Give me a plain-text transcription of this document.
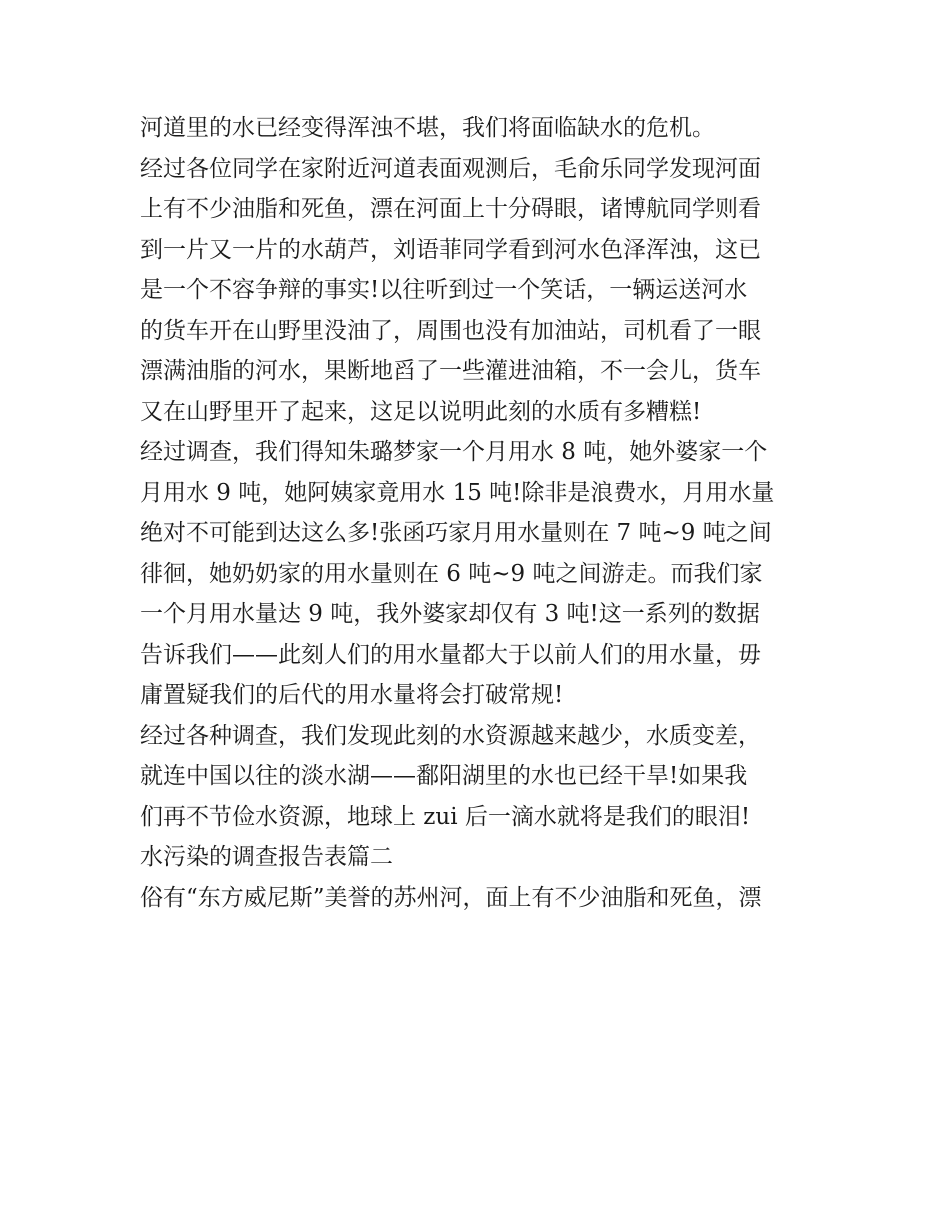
河道里的水已经变得浑浊不堪，我们将面临缺水的危机。
经过各位同学在家附近河道表面观测后，毛俞乐同学发现河面
上有不少油脂和死鱼，漂在河面上十分碍眼，诸博航同学则看
到一片又一片的水葫芦，刘语菲同学看到河水色泽浑浊，这已
是一个不容争辩的事实!以往听到过一个笑话，一辆运送河水
的货车开在山野里没油了，周围也没有加油站，司机看了一眼
漂满油脂的河水，果断地舀了一些灌进油箱，不一会儿，货车
又在山野里开了起来，这足以说明此刻的水质有多糟糕!
经过调查，我们得知朱璐梦家一个月用水 8 吨，她外婆家一个
月用水 9 吨，她阿姨家竟用水 15 吨!除非是浪费水，月用水量
绝对不可能到达这么多!张函巧家月用水量则在 7 吨~9 吨之间
徘徊，她奶奶家的用水量则在 6 吨~9 吨之间游走。而我们家
一个月用水量达 9 吨，我外婆家却仅有 3 吨!这一系列的数据
告诉我们——此刻人们的用水量都大于以前人们的用水量，毋
庸置疑我们的后代的用水量将会打破常规!
经过各种调查，我们发现此刻的水资源越来越少，水质变差，
就连中国以往的淡水湖——鄱阳湖里的水也已经干旱!如果我
们再不节俭水资源，地球上 zui 后一滴水就将是我们的眼泪!
水污染的调查报告表篇二
俗有“东方威尼斯”美誉的苏州河，面上有不少油脂和死鱼，漂
